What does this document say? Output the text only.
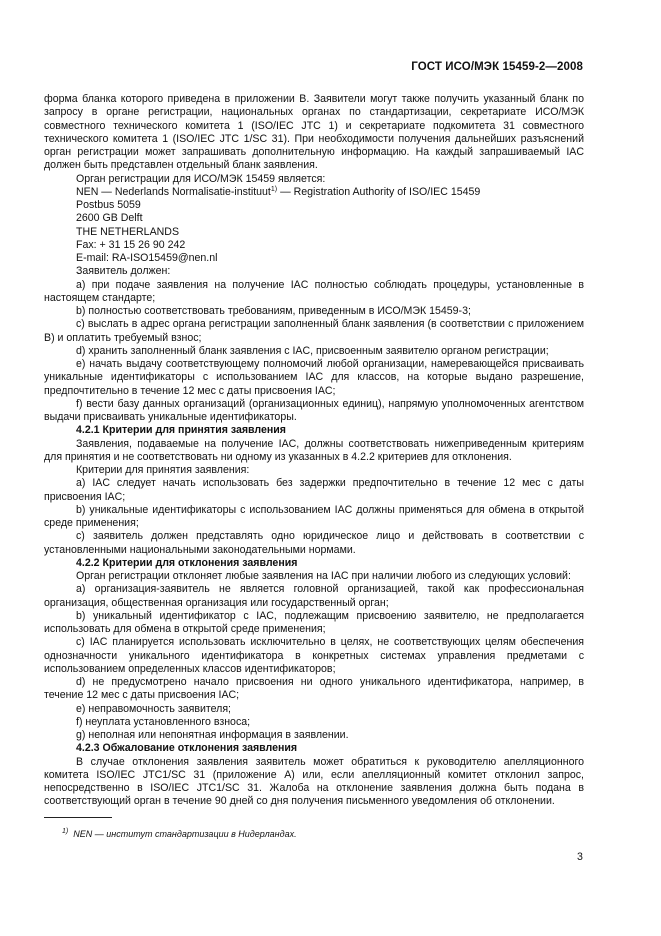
ГОСТ ИСО/МЭК 15459-2—2008

форма бланка которого приведена в приложении В. Заявители могут также получить указанный бланк по запросу в органе регистрации, национальных органах по стандартизации, секретариате ИСО/МЭК совместного технического комитета 1 (ISO/IEC JTC 1) и секретариате подкомитета 31 совместного технического комитета 1 (ISO/IEC JTC 1/SC 31). При необходимости получения дальнейших разъяснений орган регистрации может запрашивать дополнительную информацию. На каждый запрашиваемый IAC должен быть представлен отдельный бланк заявления.

Орган регистрации для ИСО/МЭК 15459 является:

NEN — Nederlands Normalisatie-instituut$^{1)}$ — Registration Authority of ISO/IEC 15459

Postbus 5059

2600 GB Delft

THE NETHERLANDS

Fax: + 31 15 26 90 242

E-mail: RA-ISO15459@nen.nl

Заявитель должен:

a) при подаче заявления на получение IAC полностью соблюдать процедуры, установленные в настоящем стандарте;

b) полностью соответствовать требованиям, приведенным в ИСО/МЭК 15459-3;

c) выслать в адрес органа регистрации заполненный бланк заявления (в соответствии с приложением В) и оплатить требуемый взнос;

d) хранить заполненный бланк заявления с IAC, присвоенным заявителю органом регистрации;

e) начать выдачу соответствующему полномочий любой организации, намеревающейся присваивать уникальные идентификаторы с использованием IAC для классов, на которые выдано разрешение, предпочтительно в течение 12 мес с даты присвоения IAC;

f) вести базу данных организаций (организационных единиц), напрямую уполномоченных агентством выдачи присваивать уникальные идентификаторы.

4.2.1 Критерии для принятия заявления

Заявления, подаваемые на получение IAC, должны соответствовать нижеприведенным критериям для принятия и не соответствовать ни одному из указанных в 4.2.2 критериев для отклонения.

Критерии для принятия заявления:

a) IAC следует начать использовать без задержки предпочтительно в течение 12 мес с даты присвоения IAC;

b) уникальные идентификаторы с использованием IAC должны применяться для обмена в открытой среде применения;

c) заявитель должен представлять одно юридическое лицо и действовать в соответствии с установленными национальными законодательными нормами.

4.2.2 Критерии для отклонения заявления

Орган регистрации отклоняет любые заявления на IAC при наличии любого из следующих условий:

a) организация-заявитель не является головной организацией, такой как профессиональная организация, общественная организация или государственный орган;

b) уникальный идентификатор с IAC, подлежащим присвоению заявителю, не предполагается использовать для обмена в открытой среде применения;

c) IAC планируется использовать исключительно в целях, не соответствующих целям обеспечения однозначности уникального идентификатора в конкретных системах управления предметами с использованием определенных классов идентификаторов;

d) не предусмотрено начало присвоения ни одного уникального идентификатора, например, в течение 12 мес с даты присвоения IAC;

e) неправомочность заявителя;

f) неуплата установленного взноса;

g) неполная или непонятная информация в заявлении.

4.2.3 Обжалование отклонения заявления

В случае отклонения заявления заявитель может обратиться к руководителю апелляционного комитета ISO/IEC JTC1/SC 31 (приложение А) или, если апелляционный комитет отклонил запрос, непосредственно в ISO/IEC JTC1/SC 31. Жалоба на отклонение заявления должна быть подана в соответствующий орган в течение 90 дней со дня получения письменного уведомления об отклонении.

$^{1)}$ NEN — институт стандартизации в Нидерландах.
3
